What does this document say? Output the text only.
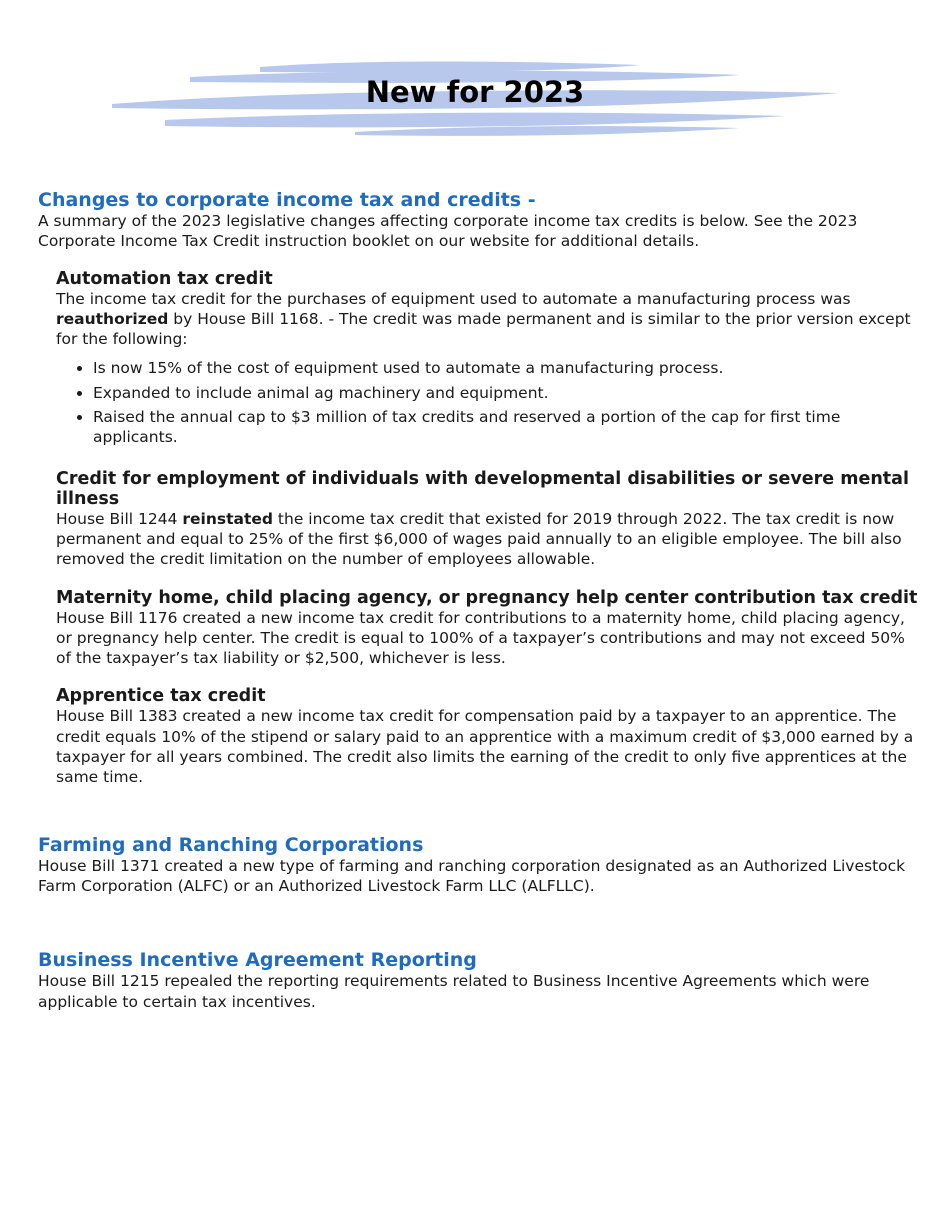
New for 2023
Changes to corporate income tax and credits -

A summary of the 2023 legislative changes affecting corporate income tax credits is below. See the 2023 Corporate Income Tax Credit instruction booklet on our website for additional details.

Automation tax credit

The income tax credit for the purchases of equipment used to automate a manufacturing process was reauthorized by House Bill 1168. - The credit was made permanent and is similar to the prior version except for the following:

• Is now 15% of the cost of equipment used to automate a manufacturing process.
• Expanded to include animal ag machinery and equipment.
• Raised the annual cap to $3 million of tax credits and reserved a portion of the cap for first time applicants.
Credit for employment of individuals with developmental disabilities or severe mental illness

House Bill 1244 reinstated the income tax credit that existed for 2019 through 2022. The tax credit is now permanent and equal to 25% of the first $6,000 of wages paid annually to an eligible employee. The bill also removed the credit limitation on the number of employees allowable.

Maternity home, child placing agency, or pregnancy help center contribution tax credit

House Bill 1176 created a new income tax credit for contributions to a maternity home, child placing agency, or pregnancy help center. The credit is equal to 100% of a taxpayer’s contributions and may not exceed 50% of the taxpayer’s tax liability or $2,500, whichever is less.

Apprentice tax credit

House Bill 1383 created a new income tax credit for compensation paid by a taxpayer to an apprentice. The credit equals 10% of the stipend or salary paid to an apprentice with a maximum credit of $3,000 earned by a taxpayer for all years combined. The credit also limits the earning of the credit to only five apprentices at the same time.

Farming and Ranching Corporations

House Bill 1371 created a new type of farming and ranching corporation designated as an Authorized Livestock Farm Corporation (ALFC) or an Authorized Livestock Farm LLC (ALFLLC).

Business Incentive Agreement Reporting

House Bill 1215 repealed the reporting requirements related to Business Incentive Agreements which were applicable to certain tax incentives.
